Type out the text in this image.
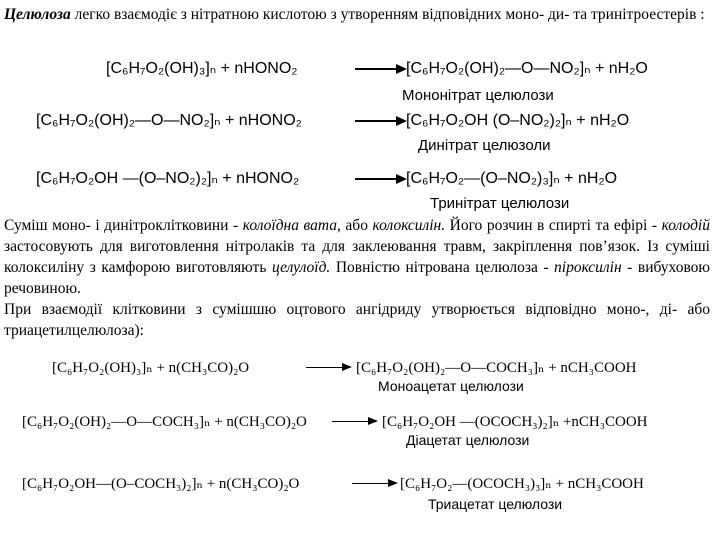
Целюлоза легко взаємодіє з нітратною кислотою з утворенням відповідних моно- ди- та тринітроестерів :
[C₆H₇O₂(OH)₃]ₙ + nHONO₂	→ [C₆H₇O₂(OH)₂—O—NO₂]ₙ + nH₂O
Мононітрат целюлози
[C₆H₇O₂(OH)₂—O—NO₂]ₙ + nHONO₂	→ [C₆H₇O₂OH (O–NO₂)₂]ₙ + nH₂O
Динітрат целюзоли
[C₆H₇O₂OH —(O–NO₂)₂]ₙ + nHONO₂	→ [C₆H₇O₂—(O–NO₂)₃]ₙ + nH₂O
Тринітрат целюлози
Суміш моно- і динітроклітковини - колоїдна вата, або колоксилін. Його розчин в спирті та ефірі - колодій застосовують для виготовлення нітролаків та для заклеювання травм, закріплення пов’язок. Із суміші колоксиліну з камфорою виготовляють целулоїд. Повністю нітрована целюлоза - піроксилін - вибуховою речовиною.
При взаємодії клітковини з сумішшю оцтового ангідриду утворюється відповідно моно-, ді- або триацетилцелюлоза):
[C₆H₇O₂(OH)₃]ₙ + n(CH₃CO)₂O	→ [C₆H₇O₂(OH)₂—O—COCH₃]ₙ + nCH₃COOH
Моноацетат целюлози
[C₆H₇O₂(OH)₂—O—COCH₃]ₙ + n(CH₃CO)₂O → [C₆H₇O₂OH —(OCOCH₃)₂]ₙ +nCH₃COOH
Діацетат целюлози
[C₆H₇O₂OH—(O–COCH₃)₂]ₙ + n(CH₃CO)₂O	→ [C₆H₇O₂—(OCOCH₃)₃]ₙ + nCH₃COOH
Триацетат целюлози
